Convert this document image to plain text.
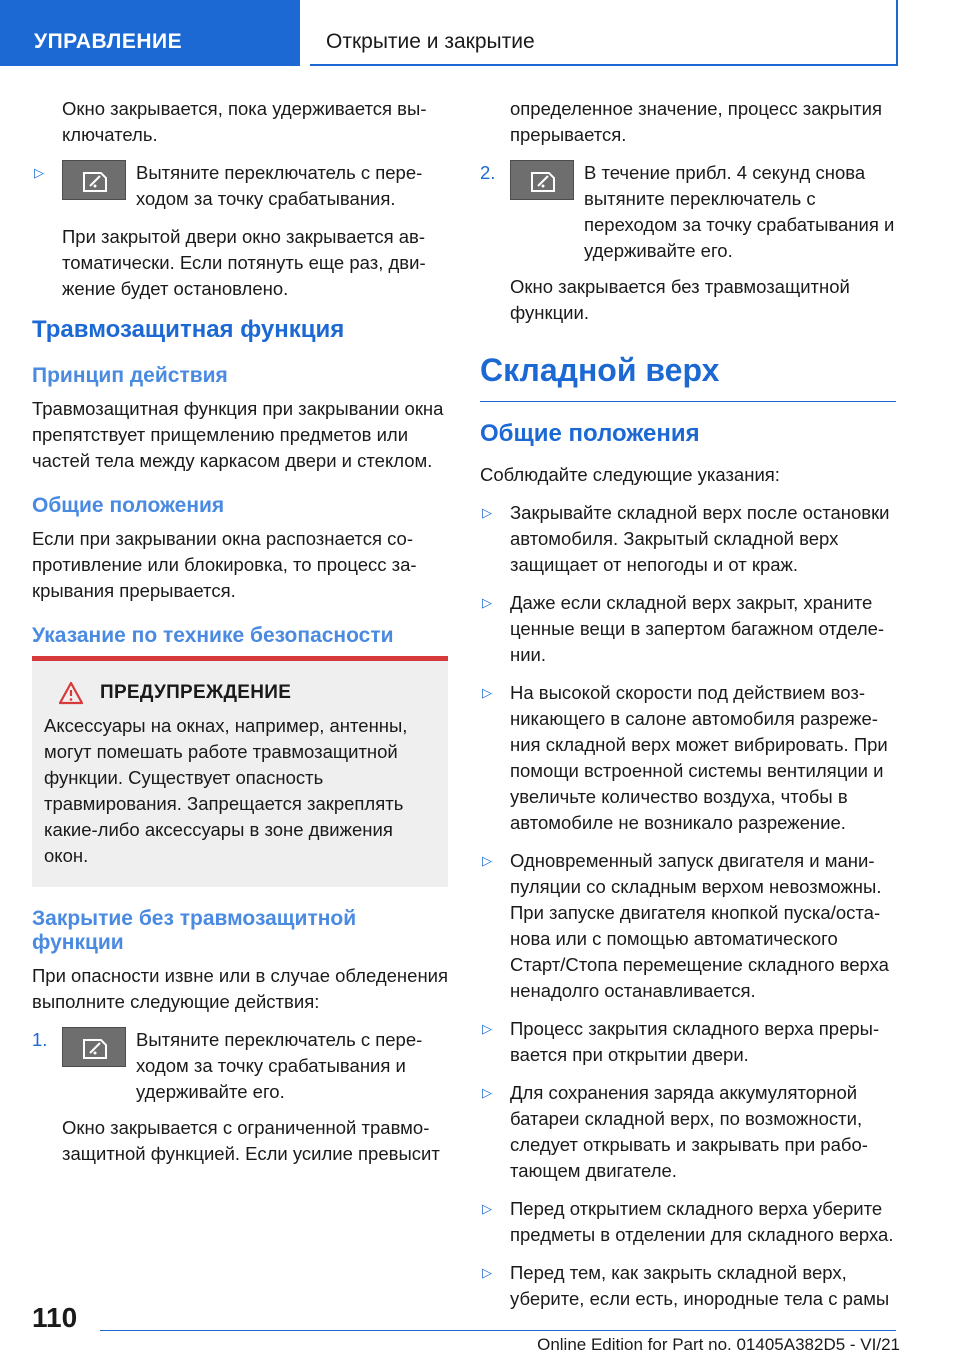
УПРАВЛЕНИЕ	Открытие и закрытие

Окно закрывается, пока удерживается выключатель.

▷	Вытяните переключатель с переходом за точку срабатывания.

При закрытой двери окно закрывается автоматически. Если потянуть еще раз, движение будет остановлено.

Травмозащитная функция
Принцип действия

Травмозащитная функция при закрывании окна препятствует прищемлению предметов или частей тела между каркасом двери и стеклом.

Общие положения

Если при закрывании окна распознается сопротивление или блокировка, то процесс закрывания прерывается.

Указание по технике безопасности
ПРЕДУПРЕЖДЕНИЕ

Аксессуары на окнах, например, антенны, могут помешать работе травмозащитной функции. Существует опасность травмирования. Запрещается закреплять какие-либо аксессуары в зоне движения окон.

Закрытие без травмозащитной функции

При опасности извне или в случае обледенения выполните следующие действия:

1.	Вытяните переключатель с переходом за точку срабатывания и удерживайте его.

Окно закрывается с ограниченной травмозащитной функцией. Если усилие превысит

определенное значение, процесс закрытия прерывается.

2.	В течение прибл. 4 секунд снова вытяните переключатель с переходом за точку срабатывания и удерживайте его.

Окно закрывается без травмозащитной функции.

Складной верх
Общие положения

Соблюдайте следующие указания:

▷ Закрывайте складной верх после остановки автомобиля. Закрытый складной верх защищает от непогоды и от краж.
▷ Даже если складной верх закрыт, храните ценные вещи в запертом багажном отделении.
▷ На высокой скорости под действием возникающего в салоне автомобиля разрежения складной верх может вибрировать. При помощи встроенной системы вентиляции и увеличьте количество воздуха, чтобы в автомобиле не возникало разрежение.
▷ Одновременный запуск двигателя и манипуляции со складным верхом невозможны. При запуске двигателя кнопкой пуска/останова или с помощью автоматического Старт/Стопа перемещение складного верха ненадолго останавливается.
▷ Процесс закрытия складного верха прерывается при открытии двери.
▷ Для сохранения заряда аккумуляторной батареи складной верх, по возможности, следует открывать и закрывать при работающем двигателе.
▷ Перед открытием складного верха уберите предметы в отделении для складного верха.
▷ Перед тем, как закрыть складной верх, уберите, если есть, инородные тела с рамы
110
Online Edition for Part no. 01405A382D5 - VI/21
